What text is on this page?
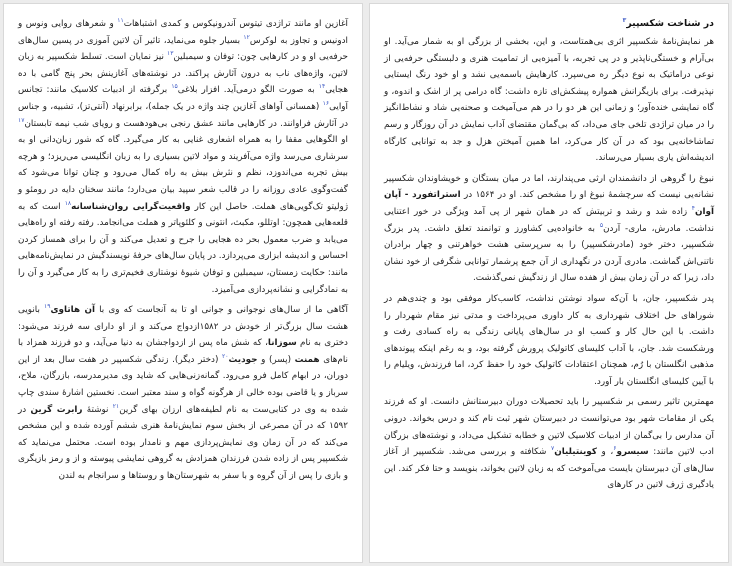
آغازین او مانند تراژدی تیتوس آندرونیکوس و کمدی اشتباهات$^{۱۱}$ و شعرهای روایی ونوس و ادونیس و تجاوز به لوکرس$^{۱۲}$ بسیار جلوه می‌نماید، تاثیر آن لاتین آموزی در پسین سال‌های حرفه‌یی او و در کارهایی چون: توفان و سیمبلین$^{۱۳}$ نیز نمایان است. تسلط شکسپیر به زبان لاتین، واژه‌های ناب به درون آثارش پراکند. در نوشته‌های آغازینش بحر پنج گامی با ده هجایی$^{۱۴}$ به صورت الگو درمی‌آید. افزار بلاغی$^{۱۵}$ برگرفته از ادبیات کلاسیک مانند: تجانس آوایی$^{۱۶}$ (همسانی آواهای آغازین چند واژه در یک جمله)، برابرنهاد (آنتی‌تز)، تشبیه، و جناس در آثارش فراوانند. در کارهایی مانند عشق رنجی بی‌هودهست و رویای شب نیمه تابستان$^{۱۷}$ او الگوهایی مقفا را به همراه اشعاری غنایی به کار می‌گیرد. گاه که شور زبان‌دانی او به سرشاری می‌رسد واژه می‌آفریند و مواد لاتین بسیاری را به زبان انگلیسی می‌ریزد؛ و هرچه بیش تجربه می‌اندوزد، نظم و نثرش بیش به راه کمال می‌رود و چنان توانا می‌شود که گفت‌وگوی عادی روزانه را در قالب شعر سپید بیان می‌دارد؛ مانند سخنان دایه در رومئو و ژولیتو تک‌گویی‌های هملت. حاصل این کار واقعیت‌گرایی روان‌شناسانه$^{۱۸}$ است که به قلعه‌هایی همچون: اوتللو، مکبث، انتونی و کلئوپاتر و هملت می‌انجامد. رفته رفته او راه‌هایی می‌یابد و ضرب معمول بحر ده هجایی را جرح و تعدیل می‌کند و آن را برای همساز کردن احساس و اندیشه ابزاری می‌پردازد. در پایان سال‌های حرفهٔ نویسندگیش در نمایش‌نامه‌هایی مانند: حکایت زمستان، سیمبلین و توفان شیوهٔ نوشتاری فخیم‌تری را به کار می‌گیرد و آن را به نمادگرایی و نشانه‌پردازی می‌آمیزد.

آگاهی ما از سال‌های نوجوانی و جوانی او تا به آنجاست که وی با آن هاتاوی$^{۱۹}$ بانویی هشت سال بزرگ‌تر از خودش در ۱۵۸۲ازدواج می‌کند و از او دارای سه فرزند می‌شود: دختری به نام سوزانا، که شش ماه پس از ازدواجشان به دنیا می‌آید، و دو فرزند همزاد با نام‌های همنت (پسر) و جودیث$^{۲۰}$ (دختر دیگر). زندگی شکسپیر در هفت سال بعد از این دوران، در ابهام کامل فرو می‌رود. گمانه‌زنی‌هایی که شاید وی مدیرمدرسه، بازرگان، ملاح، سرباز و یا قاضی بوده خالی از هرگونه گواه و سند معتبر است. نخستین اشارهٔ سندی چاپ شده به وی در کتابی‌ست به نام لطیفه‌های ارزان بهای گرین$^{۲۱}$ نوشتهٔ رابرت گرین در ۱۵۹۲ که در آن مصرعی از بخش سوم نمایش‌نامهٔ هنری ششم آورده شده و این مشخص می‌کند که در آن زمان وی نمایش‌پردازی مهم و نامدار بوده است. محتمل می‌نماید که شکسپیر پس از زاده شدن فرزندان همزادش به گروهی نمایشی پیوسته و از و رمز بازیگری و بازی را پس از آن گروه و با سفر به شهرستان‌ها و روستاها و سرانجام به لندن

در شناخت شکسپیر$^۳$

هر نمایش‌نامهٔ شکسپیر اثری بی‌همتاست، و این، بخشی از بزرگی او به شمار می‌آید. او بی‌آرام و خستگی‌ناپذیر و در پی تجربه، با آمیزه‌یی از تمامیت هنری و دلبستگی حرفه‌یی از نوعی دراماتیک به نوع دیگر ره می‌سپرد. کارهایش باسمه‌یی نشد و او خود رنگ ایستایی نپذیرفت. برای بازیگرانش همواره پیشکش‌ای تازه داشت: گاه درامی پر از اشک و اندوه، و گاه نمایشی خنده‌آور؛ و زمانی این هر دو را در هم می‌آمیخت و صحنه‌یی شاد و نشاط‌انگیز را در میان تراژدی تلخی جای می‌داد، که بی‌گمان مقتضای آداب نمایش در آن روزگار و رسم تماشاخانه‌یی بود که در آن کار می‌کرد، اما همین آمیختن هزل و جد به توانایی کارگاه اندیشه‌اش یاری بسیار می‌رساند.

نبوغ را گروهی از دانشمندان ارثی می‌پندارند، اما در میان بستگان و خویشاوندان شکسپیر نشانه‌یی نیست که سرچشمهٔ نبوغ او را مشخص کند. او در ۱۵۶۴ در استراتفورد - آپان آوان$^۴$ زاده شد و رشد و تربیتش که در همان شهر از پی آمد ویژگی در خور اعتنایی نداشت. مادرش، ماری- آردن$^۵$ به خانواده‌یی کشاورز و توانمند تعلق داشت. پدر بزرگ شکسپیر، دختر خود (مادرشکسپیر) را به سرپرستی هشت خواهرتنی و چهار برادران ناتنی‌اش گماشت. مادری آردن در نگهداری از آن جمع پرشمار توانایی شگرفی از خود نشان داد، زیرا که در آن زمان بیش از هفده سال از زندگیش نمی‌گذشت.

پدر شکسپیر، جان، با آن‌که سواد نوشتن نداشت، کاسب‌کار موفقی بود و چندی‌هم در شوراهای حل اختلاف شهرداری به کار داوری می‌پرداخت و مدتی نیز مقام شهردار را داشت. با این حال کار و کسب او در سال‌های پایانی زندگی به راه کسادی رفت و ورشکست شد. جان، با آداب کلیسای کاتولیک پرورش گرفته بود، و به رغم اینکه پیوندهای مذهبی انگلستان با رُم، همچنان اعتقادات کاتولیک خود را حفظ کرد، اما فرزندش، ویلیام را با آیین کلیسای انگلستان بار آورد.

مهمترین تاثیر رسمی بر شکسپیر را باید تحصیلات دوران دبیرستانش دانست. او که فرزند یکی از مقامات شهر بود می‌توانست در دبیرستان شهر ثبت نام کند و درس بخواند. درونی آن مدارس را بی‌گمان از ادبیات کلاسیک لاتین و خطابه تشکیل می‌داد، و نوشته‌های بزرگان ادب لاتین مانند: سیسرو$^۶$، و کوینتیلیان$^۷$ شکافته و بررسی می‌شد. شکسپیر از آغاز سال‌های آن دبیرستان بایست می‌آموخت که به زبان لاتین بخواند، بنویسد و حتا فکر کند. این یادگیری ژرف لاتین در کارهای
